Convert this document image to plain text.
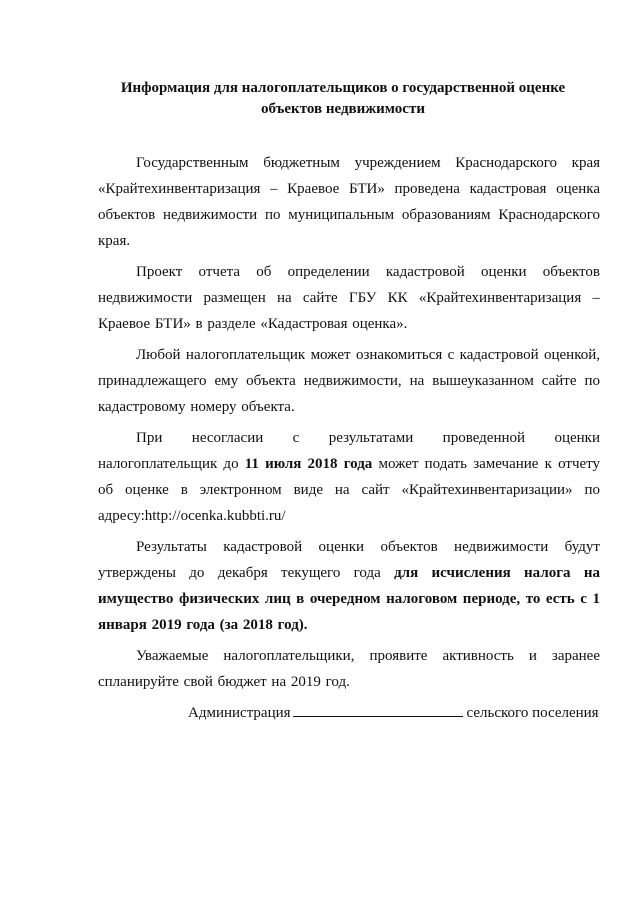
Информация для налогоплательщиков о государственной оценке
объектов недвижимости

Государственным бюджетным учреждением Краснодарского края «Крайтехинвентаризация – Краевое БТИ» проведена кадастровая оценка объектов недвижимости по муниципальным образованиям Краснодарского края.

Проект отчета об определении кадастровой оценки объектов недвижимости размещен на сайте ГБУ КК «Крайтехинвентаризация – Краевое БТИ» в разделе «Кадастровая оценка».

Любой налогоплательщик может ознакомиться с кадастровой оценкой, принадлежащего ему объекта недвижимости, на вышеуказанном сайте по кадастровому номеру объекта.

При несогласии с результатами проведенной оценки налогоплательщик до 11 июля 2018 года может подать замечание к отчету об оценке в электронном виде на сайт «Крайтехинвентаризации» по адресу:http://ocenka.kubbti.ru/

Результаты кадастровой оценки объектов недвижимости будут утверждены до декабря текущего года для исчисления налога на имущество физических лиц в очередном налоговом периоде, то есть с 1 января 2019 года (за 2018 год).

Уважаемые налогоплательщики, проявите активность и заранее спланируйте свой бюджет на 2019 год.

Администрация	сельского поселения
